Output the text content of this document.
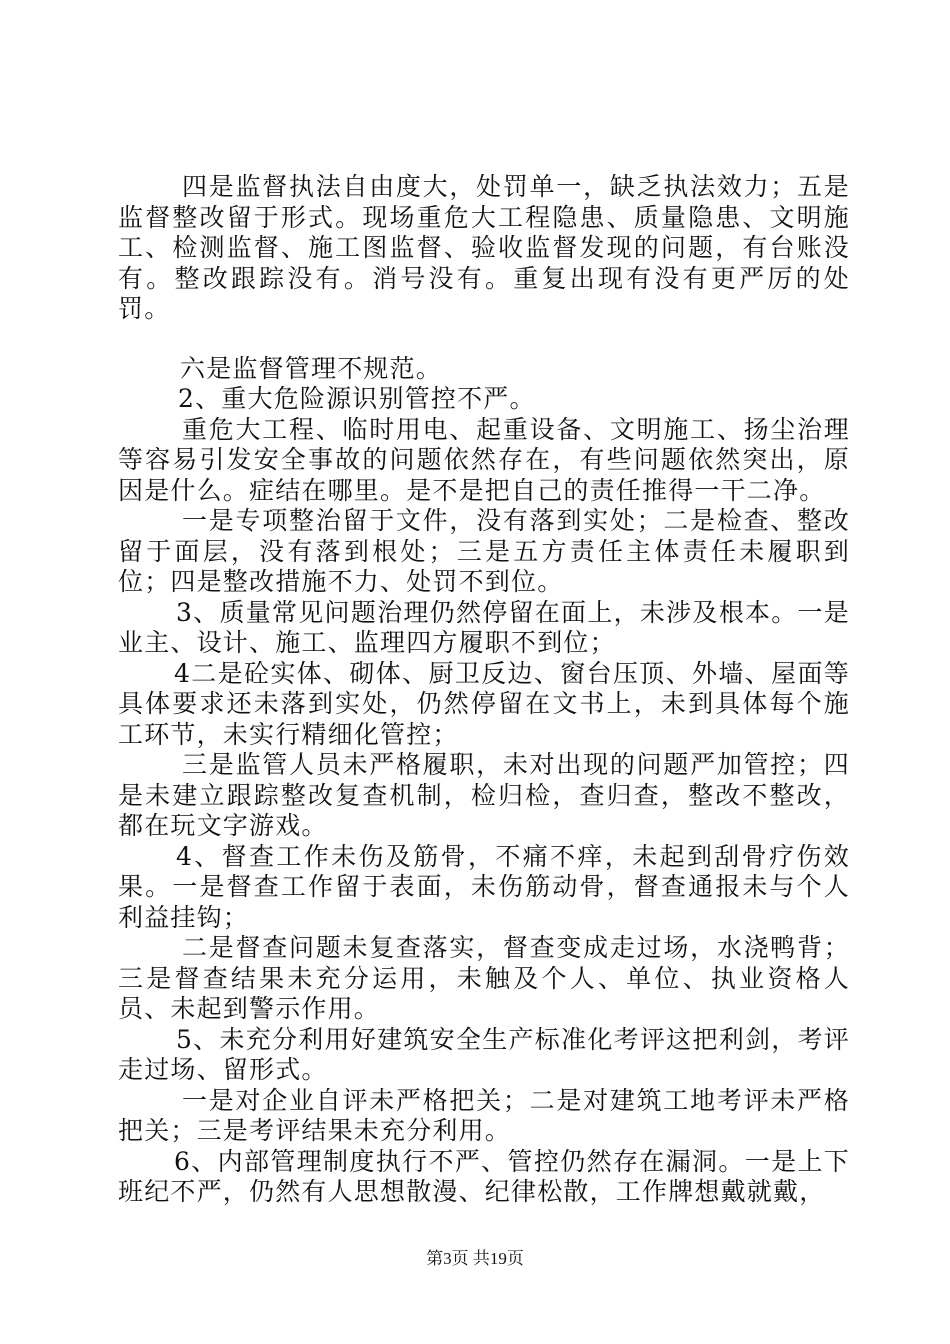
四是监督执法自由度大，处罚单一，缺乏执法效力；五是监督整改留于形式。现场重危大工程隐患、质量隐患、文明施工、检测监督、施工图监督、验收监督发现的问题，有台账没有。整改跟踪没有。消号没有。重复出现有没有更严厉的处罚。

六是监督管理不规范。

2、重大危险源识别管控不严。

重危大工程、临时用电、起重设备、文明施工、扬尘治理等容易引发安全事故的问题依然存在，有些问题依然突出，原因是什么。症结在哪里。是不是把自己的责任推得一干二净。

一是专项整治留于文件，没有落到实处；二是检查、整改留于面层，没有落到根处；三是五方责任主体责任未履职到位；四是整改措施不力、处罚不到位。

3、质量常见问题治理仍然停留在面上，未涉及根本。一是业主、设计、施工、监理四方履职不到位；

4二是砼实体、砌体、厨卫反边、窗台压顶、外墙、屋面等具体要求还未落到实处，仍然停留在文书上，未到具体每个施工环节，未实行精细化管控；

三是监管人员未严格履职，未对出现的问题严加管控；四是未建立跟踪整改复查机制，检归检，查归查，整改不整改，都在玩文字游戏。

4、督查工作未伤及筋骨，不痛不痒，未起到刮骨疗伤效果。一是督查工作留于表面，未伤筋动骨，督查通报未与个人利益挂钩；

二是督查问题未复查落实，督查变成走过场，水浇鸭背；三是督查结果未充分运用，未触及个人、单位、执业资格人员、未起到警示作用。

5、未充分利用好建筑安全生产标准化考评这把利剑，考评走过场、留形式。

一是对企业自评未严格把关；二是对建筑工地考评未严格把关；三是考评结果未充分利用。

6、内部管理制度执行不严、管控仍然存在漏洞。一是上下班纪不严，仍然有人思想散漫、纪律松散，工作牌想戴就戴，

第3页 共19页
